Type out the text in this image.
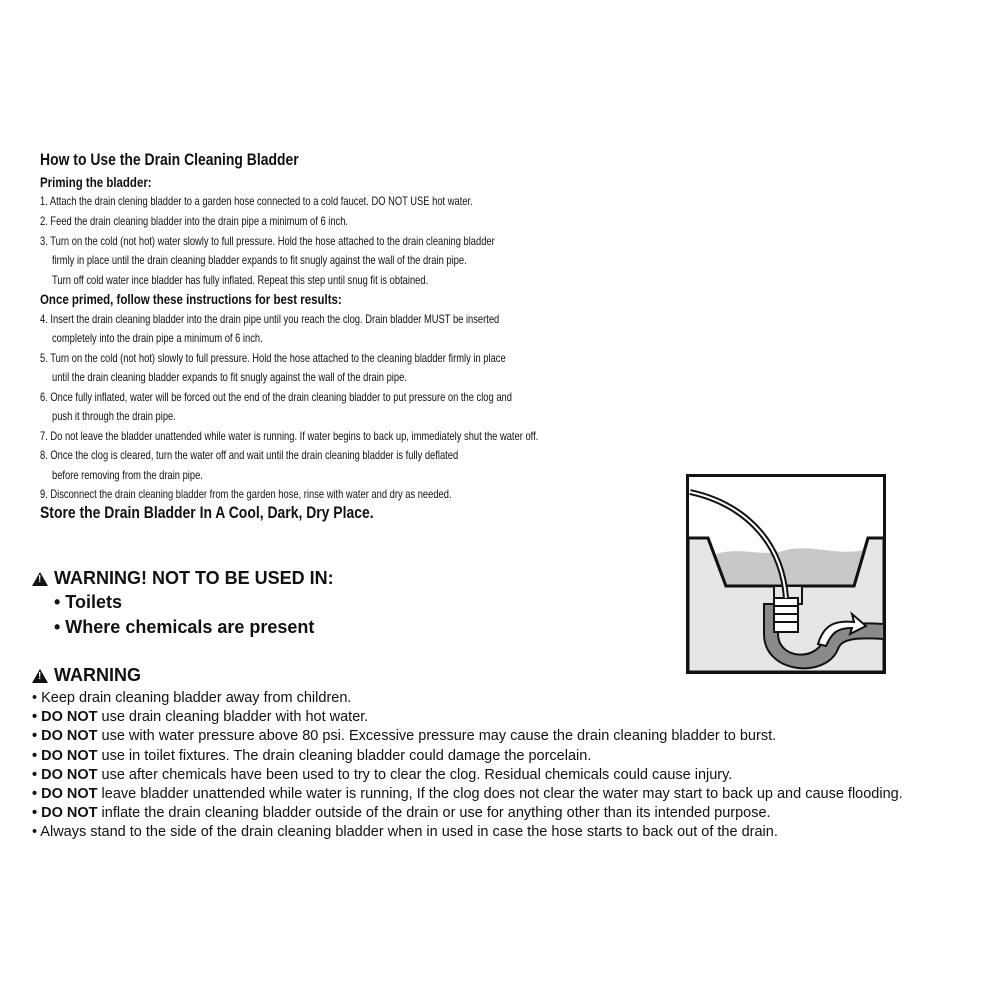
How to Use the Drain Cleaning Bladder
Priming the bladder:
1. Attach the drain clening bladder to a garden hose connected to a cold faucet. DO NOT USE hot water.
2. Feed the drain cleaning bladder into the drain pipe a minimum of 6 inch.
3. Turn on the cold (not hot) water slowly to full pressure. Hold the hose attached to the drain cleaning bladder
firmly in place until the drain cleaning bladder expands to fit snugly against the wall of the drain pipe.
Turn off cold water ince bladder has fully inflated. Repeat this step until snug fit is obtained.
Once primed, follow these instructions for best results:
4. Insert the drain cleaning bladder into the drain pipe until you reach the clog. Drain bladder MUST be inserted
completely into the drain pipe a minimum of 6 inch.
5. Turn on the cold (not hot) slowly to full pressure. Hold the hose attached to the cleaning bladder firmly in place
until the drain cleaning bladder expands to fit snugly against the wall of the drain pipe.
6. Once fully inflated, water will be forced out the end of the drain cleaning bladder to put pressure on the clog and
push it through the drain pipe.
7. Do not leave the bladder unattended while water is running. If water begins to back up, immediately shut the water off.
8. Once the clog is cleared, turn the water off and wait until the drain cleaning bladder is fully deflated
before removing from the drain pipe.
9. Disconnect the drain cleaning bladder from the garden hose, rinse with water and dry as needed.
Store the Drain Bladder In A Cool, Dark, Dry Place.
!
WARNING! NOT TO BE USED IN:
• Toilets
• Where chemicals are present
!
WARNING
• Keep drain cleaning bladder away from children.
• DO NOT use drain cleaning bladder with hot water.
• DO NOT use with water pressure above 80 psi. Excessive pressure may cause the drain cleaning bladder to burst.
• DO NOT use in toilet fixtures. The drain cleaning bladder could damage the porcelain.
• DO NOT use after chemicals have been used to try to clear the clog. Residual chemicals could cause injury.
• DO NOT leave bladder unattended while water is running, If the clog does not clear the water may start to back up and cause flooding.
• DO NOT inflate the drain cleaning bladder outside of the drain or use for anything other than its intended purpose.
• Always stand to the side of the drain cleaning bladder when in used in case the hose starts to back out of the drain.
